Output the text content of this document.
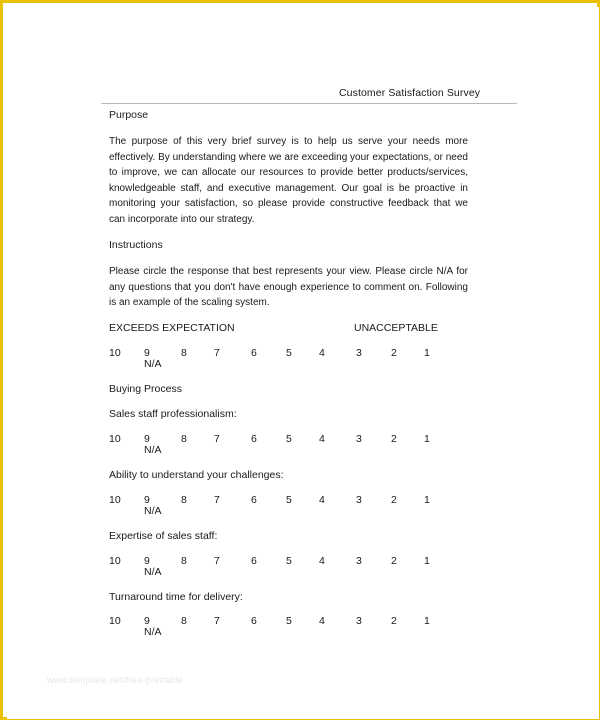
Customer Satisfaction Survey
Purpose
The purpose of this very brief survey is to help us serve your needs more effectively. By understanding where we are exceeding your expectations, or need to improve, we can allocate our resources to provide better products/services, knowledgeable staff, and executive management. Our goal is be proactive in monitoring your satisfaction, so please provide constructive feedback that we can incorporate into our strategy.
Instructions
Please circle the response that best represents your view. Please circle N/A for any questions that you don't have enough experience to comment on. Following is an example of the scaling system.
EXCEEDS EXPECTATION	UNACCEPTABLE
10 9	8	7	6	5	4	3	2	1
N/A
Buying Process
Sales staff professionalism:
10 9	8	7	6	5	4	3	2	1
N/A
Ability to understand your challenges:
10 9	8	7	6	5	4	3	2	1
N/A
Expertise of sales staff:
10 9	8	7	6	5	4	3	2	1
N/A
Turnaround time for delivery:
10 9	8	7	6	5	4	3	2	1
N/A
www.template.net/free-printable
